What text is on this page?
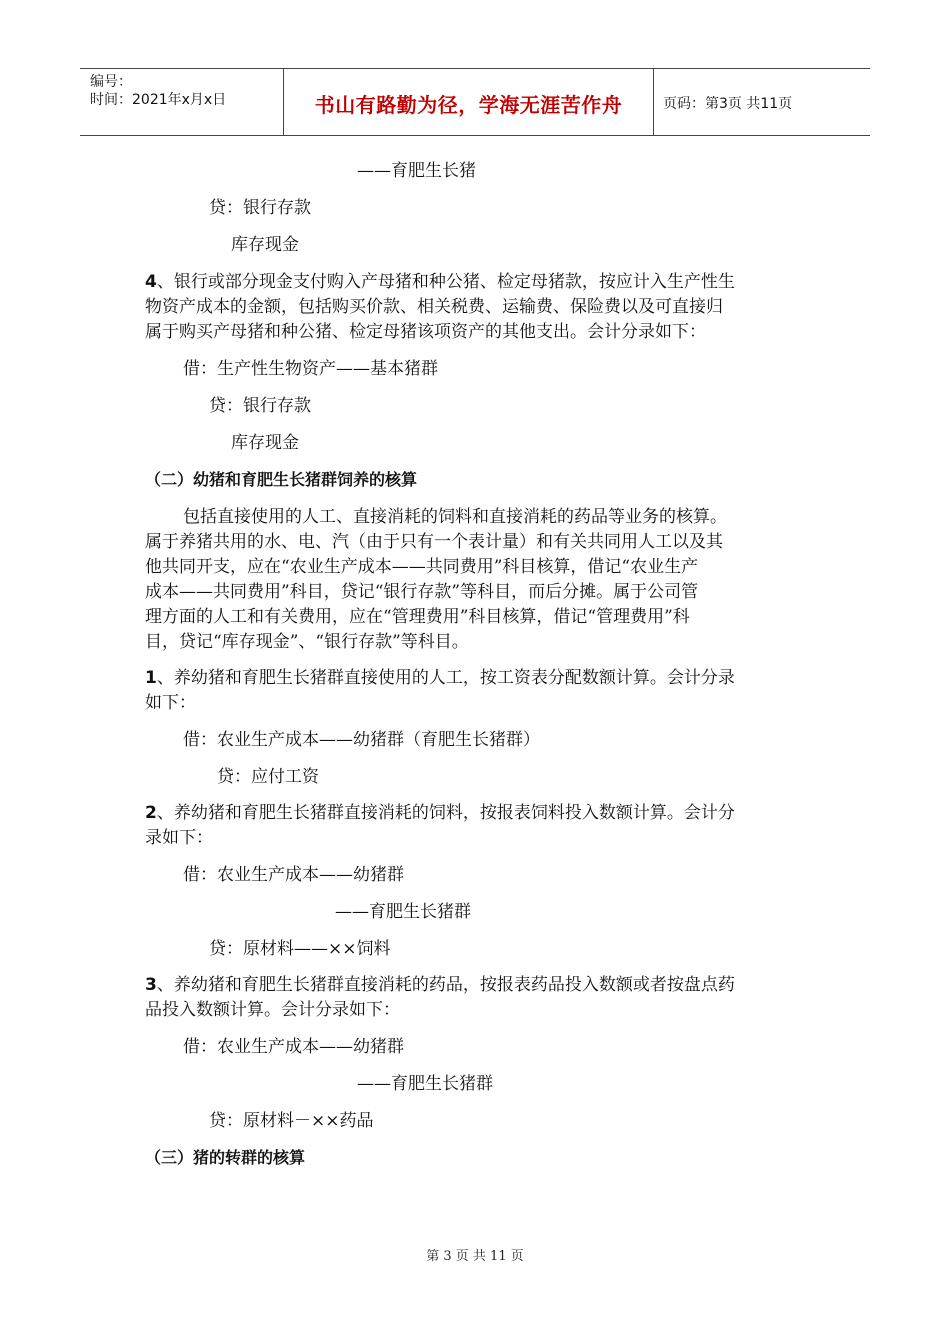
编号：
时间：2021年x月x日	书山有路勤为径，学海无涯苦作舟	页码：第3页 共11页
——育肥生长猪
贷：银行存款
库存现金
4、银行或部分现金支付购入产母猪和种公猪、检定母猪款，按应计入生产性生
物资产成本的金额，包括购买价款、相关税费、运输费、保险费以及可直接归
属于购买产母猪和种公猪、检定母猪该项资产的其他支出。会计分录如下：
借：生产性生物资产——基本猪群
贷：银行存款
库存现金
（二）幼猪和育肥生长猪群饲养的核算
包括直接使用的人工、直接消耗的饲料和直接消耗的药品等业务的核算。
属于养猪共用的水、电、汽（由于只有一个表计量）和有关共同用人工以及其
他共同开支，应在“农业生产成本——共同费用”科目核算，借记“农业生产
成本——共同费用”科目，贷记“银行存款”等科目，而后分摊。属于公司管
理方面的人工和有关费用，应在“管理费用”科目核算，借记“管理费用”科
目，贷记“库存现金”、“银行存款”等科目。
1、养幼猪和育肥生长猪群直接使用的人工，按工资表分配数额计算。会计分录
如下：
借：农业生产成本——幼猪群（育肥生长猪群）
贷：应付工资
2、养幼猪和育肥生长猪群直接消耗的饲料，按报表饲料投入数额计算。会计分
录如下：
借：农业生产成本——幼猪群
——育肥生长猪群
贷：原材料——××饲料
3、养幼猪和育肥生长猪群直接消耗的药品，按报表药品投入数额或者按盘点药
品投入数额计算。会计分录如下：
借：农业生产成本——幼猪群
——育肥生长猪群
贷：原材料－××药品
（三）猪的转群的核算
第 3 页 共 11 页
